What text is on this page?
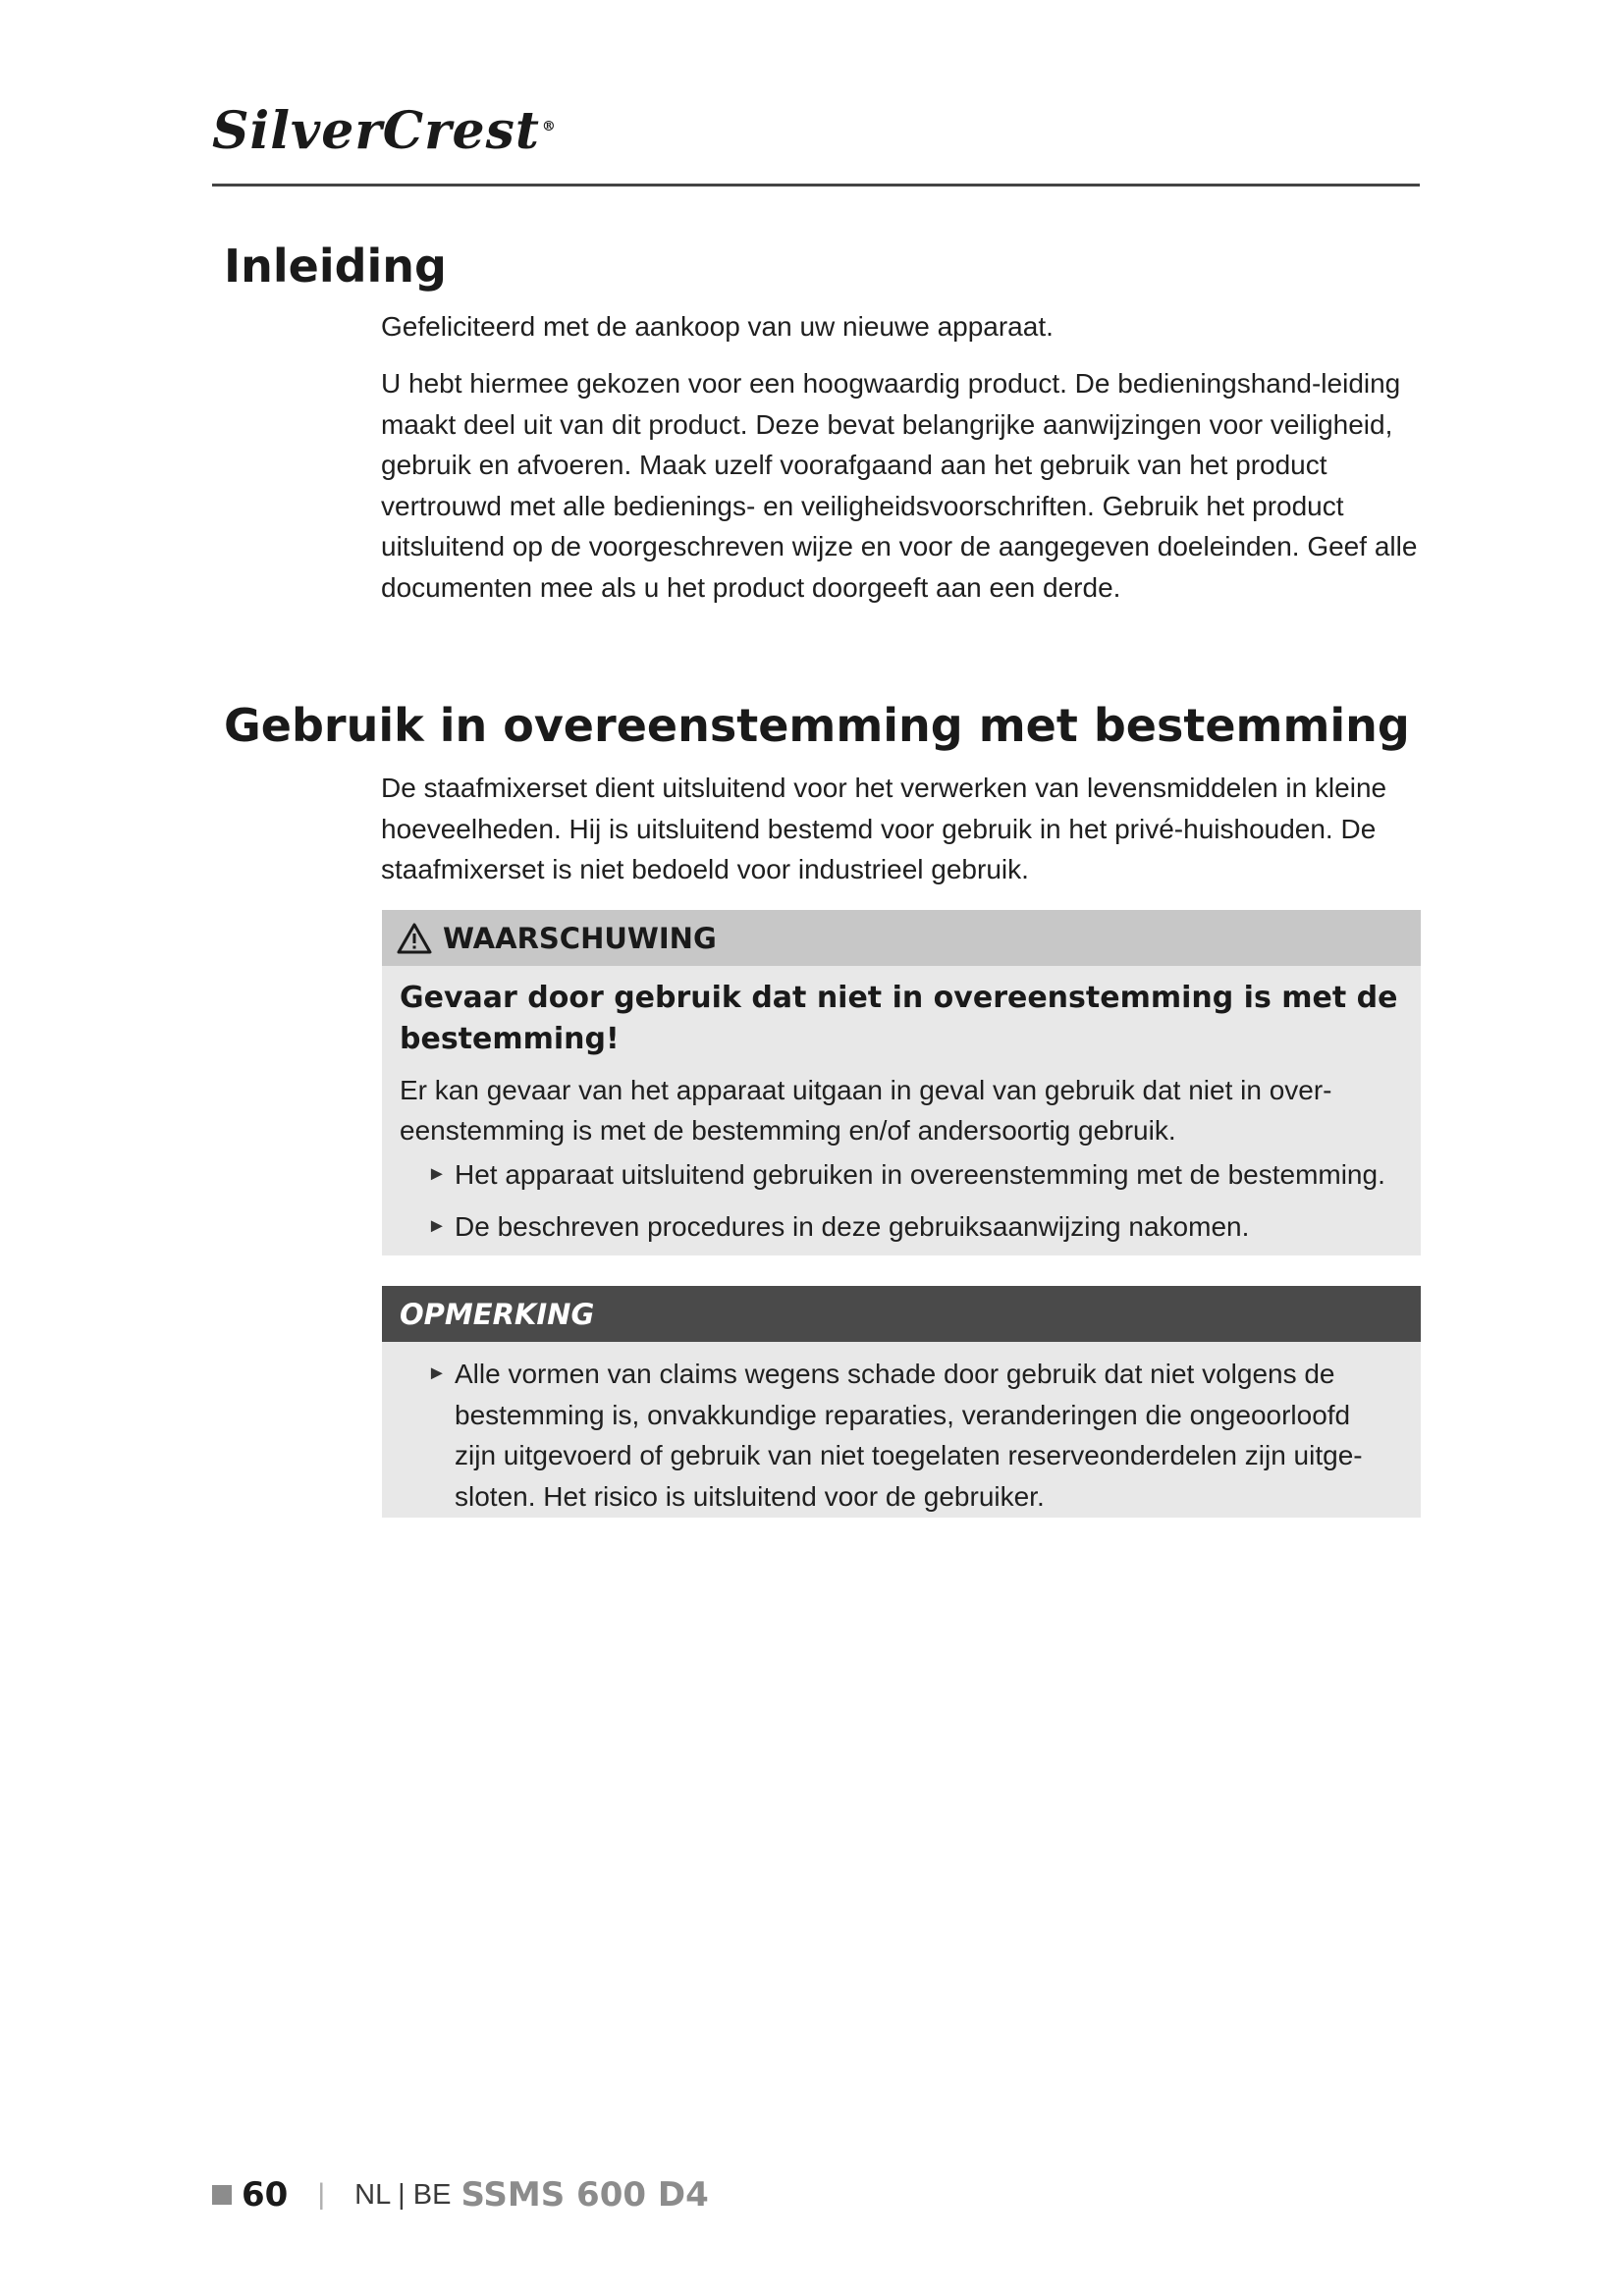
SilverCrest ®
Inleiding

Gefeliciteerd met de aankoop van uw nieuwe apparaat.

U hebt hiermee gekozen voor een hoogwaardig product. De bedieningshand-leiding maakt deel uit van dit product. Deze bevat belangrijke aanwijzingen voor veiligheid, gebruik en afvoeren. Maak uzelf voorafgaand aan het gebruik van het product vertrouwd met alle bedienings- en veiligheidsvoorschriften. Gebruik het product uitsluitend op de voorgeschreven wijze en voor de aangegeven doeleinden. Geef alle documenten mee als u het product doorgeeft aan een derde.

Gebruik in overeenstemming met bestemming

De staafmixerset dient uitsluitend voor het verwerken van levensmiddelen in kleine hoeveelheden. Hij is uitsluitend bestemd voor gebruik in het privé-huishouden. De staafmixerset is niet bedoeld voor industrieel gebruik.

WAARSCHUWING

Gevaar door gebruik dat niet in overeenstemming is met de bestemming!

Er kan gevaar van het apparaat uitgaan in geval van gebruik dat niet in over-eenstemming is met de bestemming en/of andersoortig gebruik.

► Het apparaat uitsluitend gebruiken in overeenstemming met de bestemming.
► De beschreven procedures in deze gebruiksaanwijzing nakomen.
OPMERKING
► Alle vormen van claims wegens schade door gebruik dat niet volgens de bestemming is, onvakkundige reparaties, veranderingen die ongeoorloofd zijn uitgevoerd of gebruik van niet toegelaten reserveonderdelen zijn uitge-sloten. Het risico is uitsluitend voor de gebruiker.
60 | NL | BE SSMS 600 D4
